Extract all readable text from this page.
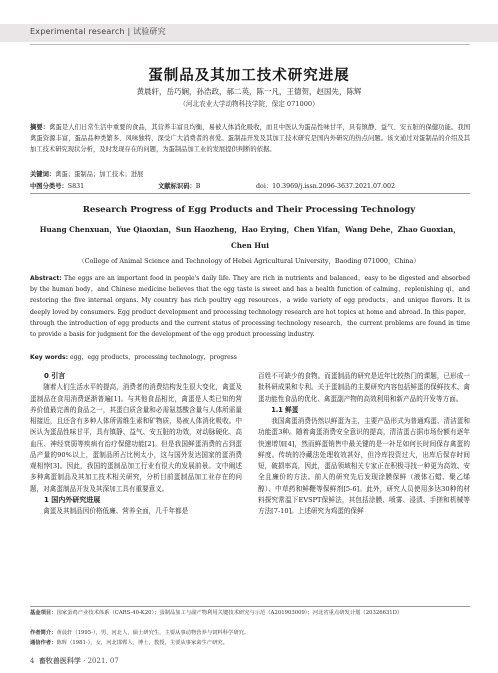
Experimental research | 试验研究
蛋制品及其加工技术研究进展
黄晨轩，岳巧娴，孙浩政，郝二英，陈一凡，王德贺，赵国先，陈辉
（河北农业大学动物科技学院，保定 071000）
摘要：禽蛋是人们日常生活中重要的食品，其营养丰富且均衡，易被人体消化吸收，而且中医认为蛋品性味甘平，具有镇静、益气、安五脏的保健功能。我国禽蛋资源丰富，蛋品品种类繁多、风味独特，深受广大消费者的喜爱。蛋制品开发及其加工技术研究是国内外研究的热点问题。该文通过对蛋制品的介绍及其加工技术研究现状分析，及时发现存在的问题，为蛋制品加工业的发展提供判断的依据。
关键词：禽蛋；蛋制品；加工技术；进展
中图分类号：S831	文献标识码：B	doi：10.3969/j.issn.2096-3637.2021.07.002
Research Progress of Egg Products and Their Processing Technology
Huang Chenxuan，Yue Qiaoxian，Sun Haozheng，Hao Erying，Chen Yifan，Wang Dehe，Zhao Guoxian，Chen Hui
（College of Animal Science and Technology of Hebei Agricultural University，Baoding 071000，China）
Abstract: The eggs are an important food in people's daily life. They are rich in nutrients and balanced，easy to be digested and absorbed by the human body，and Chinese medicine believes that the egg taste is sweet and has a health function of calming，replenishing qi，and restoring the five internal organs. My country has rich poultry egg resources，a wide variety of egg products，and unique flavors. It is deeply loved by consumers. Egg product development and processing technology research are hot topics at home and abroad. In this paper，through the introduction of egg products and the current status of processing technology research，the current problems are found in time to provide a basis for judgment for the development of the egg product processing industry.
Key words: egg，egg products，processing technology，progress

0 引言

随着人们生活水平的提高，消费者的消费结构发生很大变化，禽蛋及蛋制品在食用消费逐渐普遍[1]。与其他食品相比，禽蛋是人类已知的营养价值最完善的食品之一，其蛋白质含量和必需氨基酸含量与人体所需量相接近，且还含有多种人体所需维生素和矿物质，易被人体消化吸收。中医认为蛋品性味甘平，具有镇静、益气、安五脏的功效，对动脉硬化、高血压、神经衰弱等疾病有治疗保健功能[2]。但是我国鲜蛋消费的占到蛋品产量的90%以上，蛋制品所占比例太小，这与国外发达国家的蛋消费观相悖[3]。因此，我国的蛋制品加工行业有很大的发展前景。文中阐述多种禽蛋制品及其加工技术相关研究，分析目前蛋制品加工业存在的问题，对禽蛋制品开发及其深加工具有重要意义。

1 国内外研究进展

禽蛋及其制品因价格低廉、营养全面，几千年都是

百姓不可缺少的食物。而蛋制品的研究是近年比较热门的课题，已形成一批科研成果和专利。关于蛋制品的主要研究内容包括鲜蛋的保鲜技术、禽蛋功能性食品的优化、禽蛋副产物的高效利用和新产品的开发等方面。

1.1 鲜蛋

我国禽蛋消费仍然以鲜蛋为主，主要产品形式为普通鸡蛋、清洁蛋和功能蛋3种。随着禽蛋消费安全意识的提高，清洁蛋占据市场份额有逐年快速增加[4]，然而鲜蛋销售中最关键的是一补足如何长时间保存禽蛋的鲜度。传统的冷藏法处理收效甚好，但冷库投资过大，出库后保存时间短，破损率高，因此，蛋品领域相关专家正在积极寻找一种更为高效、安全且廉价的方法。前人的研究先后发现涂膜保鲜（液体石蜡、聚乙烯醇）、中草药和鲜鞭等保鲜剂[5-6]。此外，研究人员使用多达30种的材料探究常温下EVSPT保鲜法，其包括涂膜、喷雾、浸渍、手搓和机械等方法[7-10]。上述研究为鸡蛋的保鲜

基金项目：国家蛋鸡产业技术体系（CARS-40-K20）；蛋制品加工与副产物利用关键技术研究与示范（A201903009）；河北省重点研发计划（20326631D）
作者简介：黄晨轩（1995-），男，河北人，硕士研究生，主要从事动物营养与饲料科学研究。
通信作者：陈辉（1981-），女，河北邯郸人，博士，教授，主要从事家禽生产研究。
4 畜牧兽医科学 · 2021. 07
